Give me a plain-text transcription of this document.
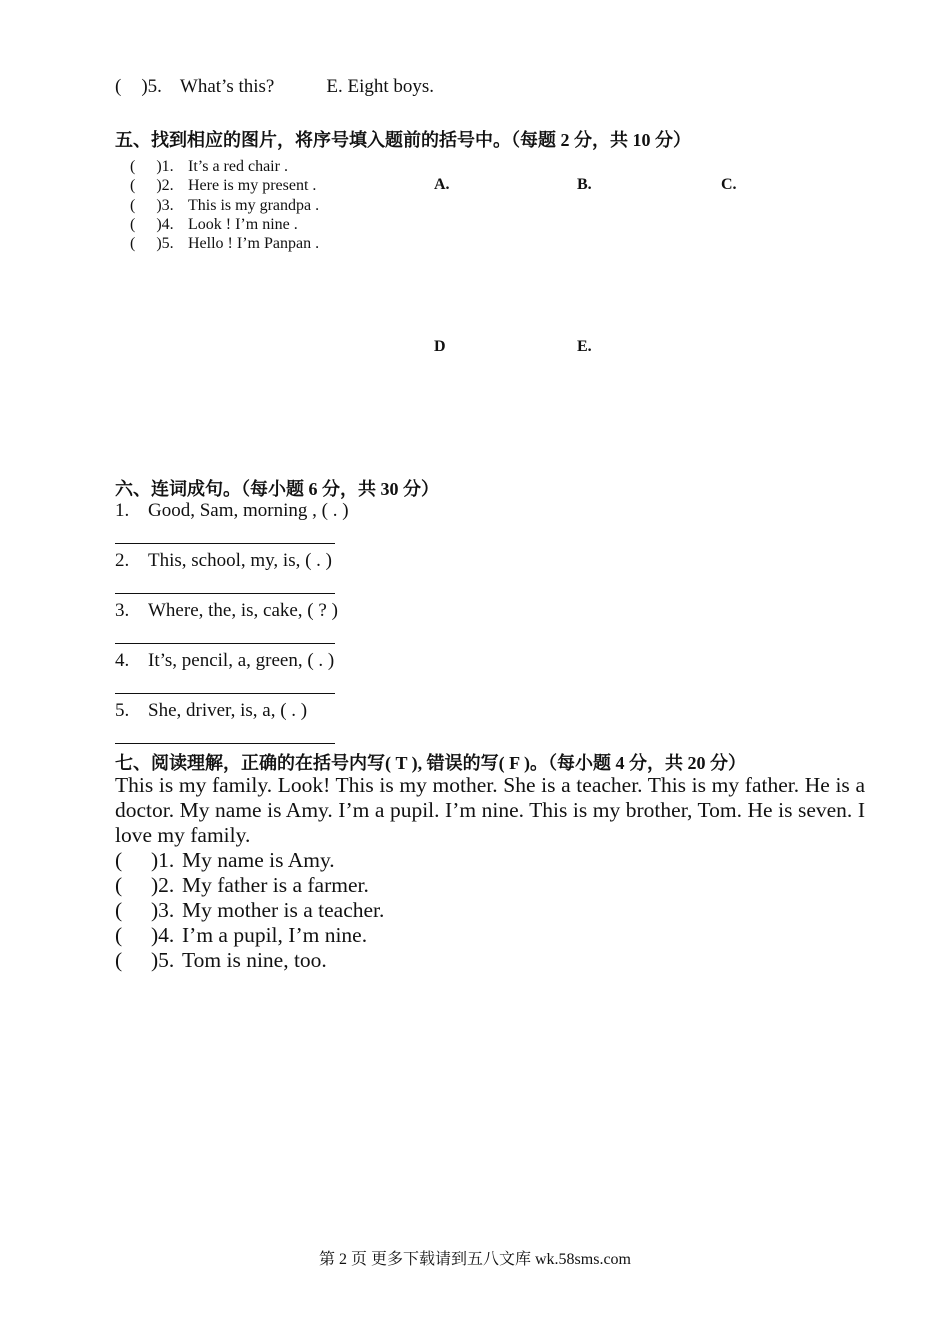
( )5. What’s this?	E. Eight boys.
五、找到相应的图片，将序号填入题前的括号中。（每题 2 分，共 10 分）
( )1. It’s a red chair .
( )2. Here is my present .
( )3. This is my grandpa .
( )4. Look ! I’m nine .
( )5. Hello ! I’m Panpan .
A.	B.	C.
D	E.
六、连词成句。（每小题 6 分，共 30 分）
1. Good, Sam, morning , ( . )
2. This, school, my, is, ( . )
3. Where, the, is, cake, ( ? )
4. It’s, pencil, a, green, ( . )
5. She, driver, is, a, ( . )
七、阅读理解，正确的在括号内写( T ), 错误的写( F )。（每小题 4 分，共 20 分）
This is my family. Look! This is my mother. She is a teacher. This is my father. He is a doctor. My name is Amy. I’m a pupil. I’m nine. This is my brother, Tom. He is seven. I love my family.
( )1. My name is Amy.
( )2. My father is a farmer.
( )3. My mother is a teacher.
( )4. I’m a pupil, I’m nine.
( )5. Tom is nine, too.
第 2 页 更多下载请到五八文库 wk.58sms.com
